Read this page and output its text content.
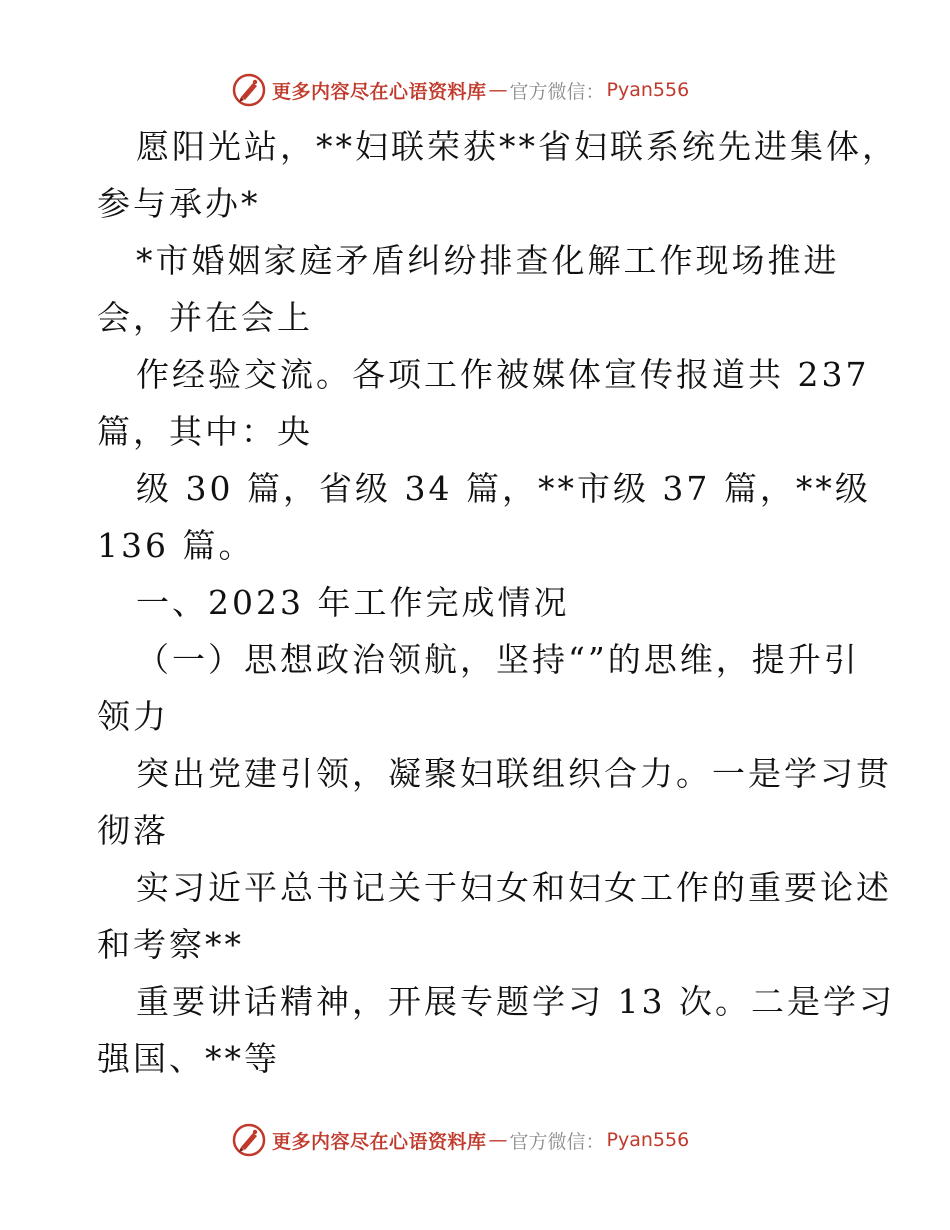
更多内容尽在心语资料库 — 官方微信： Pyan556
愿阳光站，**妇联荣获**省妇联系统先进集体，
参与承办*
*市婚姻家庭矛盾纠纷排查化解工作现场推进
会，并在会上
作经验交流。各项工作被媒体宣传报道共 237
篇，其中：央
级 30 篇，省级 34 篇，**市级 37 篇，**级
136 篇。
一、2023 年工作完成情况
（一）思想政治领航，坚持“”的思维，提升引
领力
突出党建引领，凝聚妇联组织合力。一是学习贯
彻落
实习近平总书记关于妇女和妇女工作的重要论述
和考察**
重要讲话精神，开展专题学习 13 次。二是学习
强国、**等
更多内容尽在心语资料库 — 官方微信： Pyan556
